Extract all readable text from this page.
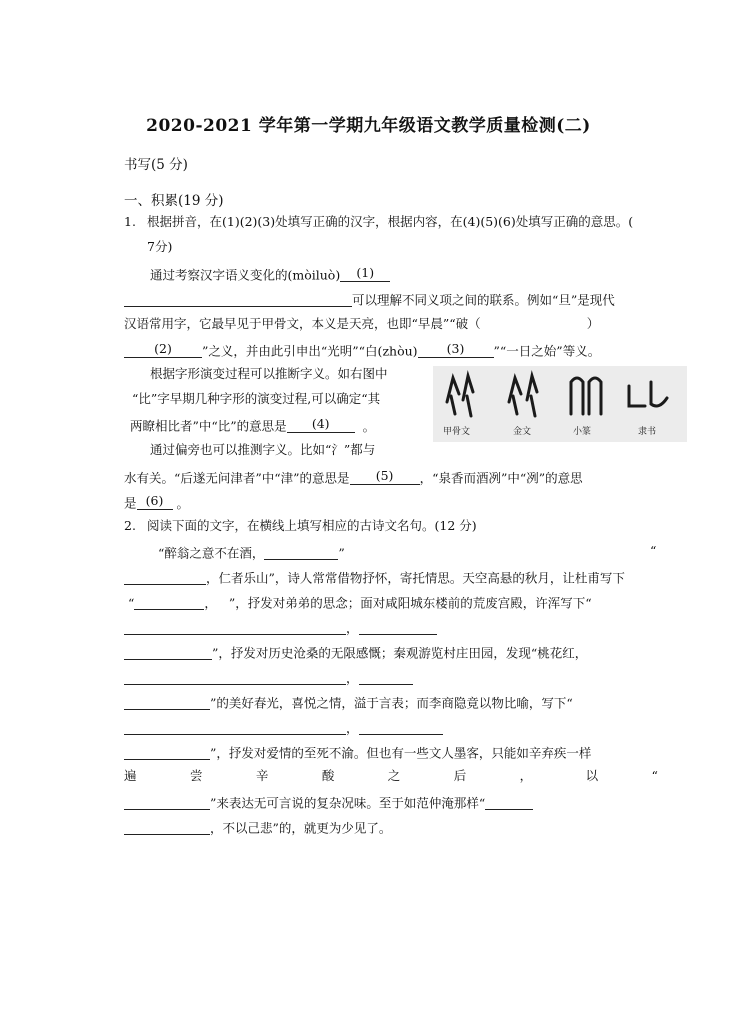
2020-2021 学年第一学期九年级语文教学质量检测(二)
书写(5 分)
一、积累(19 分)
1. 根据拼音，在(1)(2)(3)处填写正确的汉字，根据内容，在(4)(5)(6)处填写正确的意思。(
7分)
通过考察汉字语义变化的(mòiluò) (1)
可以理解不同义项之间的联系。例如“旦”是现代
汉语常用字，它最早见于甲骨文，本义是天亮，也即“早晨”“破（	）
(2) ”之义，并由此引申出“光明”“白(zhòu) (3) ”“一日之始”等义。
根据字形演变过程可以推断字义。如右图中
“比”字早期几种字形的演变过程,可以确定“其
两瞭相比者”中“比”的意思是 (4)	。
通过偏旁也可以推测字义。比如“氵”都与
甲骨文	金文	小篆	隶书
水有关。“后遂无问津者”中“津”的意思是 (5) ，“泉香而酒冽”中“冽”的意思
是 (6) 。
2. 阅读下面的文字，在横线上填写相应的古诗文名句。(12 分)
“醉翁之意不在酒，	”	“
，仁者乐山”，诗人常常借物抒怀，寄托情思。天空高悬的秋月，让杜甫写下
“	， ”，抒发对弟弟的思念；面对咸阳城东楼前的荒废宫殿，许浑写下“
，
”，抒发对历史沧桑的无限感慨；秦观游览村庄田园，发现“桃花红，
，
”的美好春光，喜悦之情，溢于言表；而李商隐竟以物比喻，写下“
，
”，抒发对爱情的至死不渝。但也有一些文人墨客，只能如辛弃疾一样
遍	尝	辛	酸	之	后	，	以	“
”来表达无可言说的复杂况味。至于如范仲淹那样“
，不以己悲”的，就更为少见了。
